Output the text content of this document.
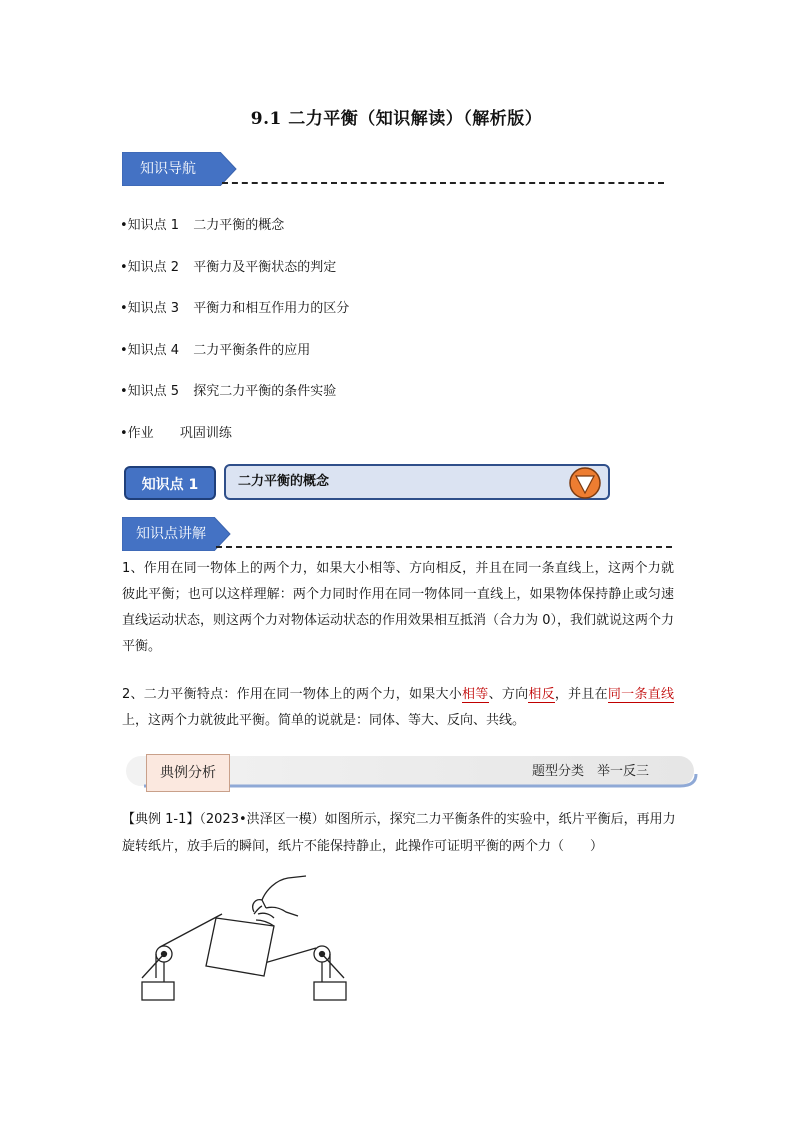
9.1 二力平衡（知识解读）（解析版）
知识导航
•知识点 1 二力平衡的概念
•知识点 2 平衡力及平衡状态的判定
•知识点 3 平衡力和相互作用力的区分
•知识点 4 二力平衡条件的应用
•知识点 5 探究二力平衡的条件实验
•作业 巩固训练
知识点 1	二力平衡的概念
知识点讲解
1、作用在同一物体上的两个力，如果大小相等、方向相反，并且在同一条直线上，这两个力就彼此平衡；也可以这样理解：两个力同时作用在同一物体同一直线上，如果物体保持静止或匀速直线运动状态，则这两个力对物体运动状态的作用效果相互抵消（合力为 0），我们就说这两个力平衡。
2、二力平衡特点：作用在同一物体上的两个力，如果大小相等、方向相反，并且在同一条直线上，这两个力就彼此平衡。简单的说就是：同体、等大、反向、共线。
典例分析	题型分类　举一反三
【典例 1-1】（2023•洪泽区一模）如图所示，探究二力平衡条件的实验中，纸片平衡后，再用力旋转纸片，放手后的瞬间，纸片不能保持静止，此操作可证明平衡的两个力（　　）
